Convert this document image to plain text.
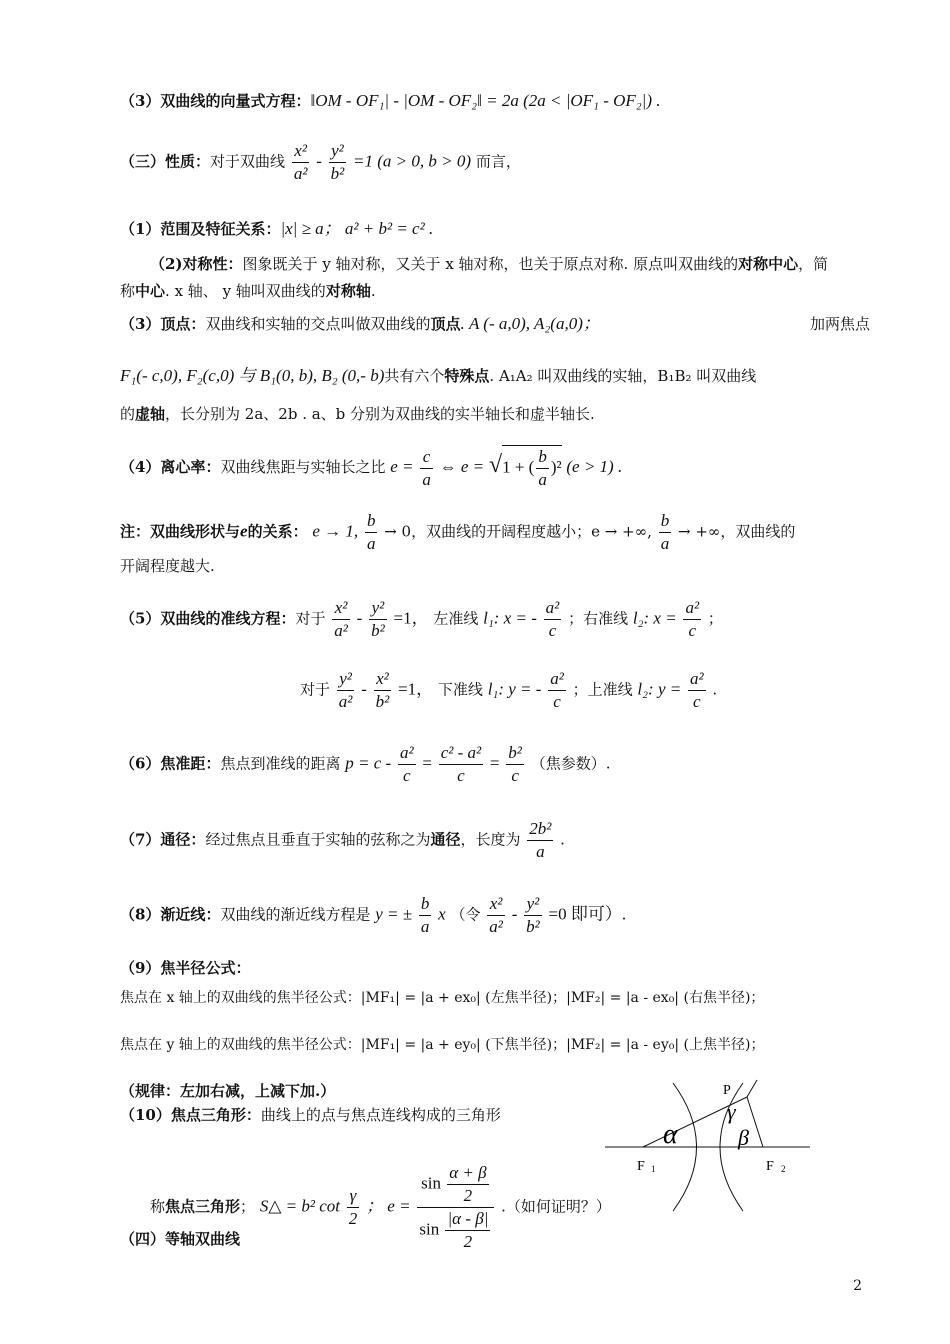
（3）双曲线的向量式方程：‖OM - OF₁| - |OM - OF₂‖ = 2a (2a < |OF₁ - OF₂|) .
（三）性质：对于双曲线 $\frac{\text{x²}}{\text{a²}} - \frac{\text{y²}}{\text{b²}} =1$ (a > 0, b > 0) 而言，
（1）范围及特征关系：|x| ≥ a； a² + b² = c² .
（2)对称性：图象既关于 y 轴对称，又关于 x 轴对称，也关于原点对称. 原点叫双曲线的对称中心，简
称中心. x 轴、 y 轴叫双曲线的对称轴.
（3）顶点：双曲线和实轴的交点叫做双曲线的顶点. A (- a,0), A₂(a,0)；	加两焦点
F₁(- c,0), F₂(c,0) 与 B₁(0, b), B₂ (0,- b)共有六个特殊点. A₁A₂ 叫双曲线的实轴，B₁B₂ 叫双曲线
的虚轴，长分别为 2a、2b . a、b 分别为双曲线的实半轴长和虚半轴长.
（4）离心率：双曲线焦距与实轴长之比 $e = \frac{c}{a}$ ⇔ e = √1 + ( $\frac{b}{a} )^2$ (e > 1) .
注：双曲线形状与e的关系： e → 1, $\frac{b}{a} \to 0$，双曲线的开阔程度越小；e → +∞, $\frac{b}{a}$ → +∞，双曲线的
开阔程度越大.
（5）双曲线的准线方程：对于 $\frac{\text{x²}}{\text{a²}} - \frac{\text{y²}}{\text{b²}} =1$， 左准线 l₁: x = - $\frac{\text{a²}}{c}$ ；右准线 l₂: $x = \frac{\text{a²}}{c}$ ；
对于 $\frac{\text{y²}}{\text{a²}} - \frac{\text{x²}}{\text{b²}} =1$， 下准线 l₁: y = - $\frac{\text{a²}}{c}$ ；上准线 l₂: $y = \frac{\text{a²}}{c}$ .
（6）焦准距：焦点到准线的距离 $p = c - \frac{\text{a²}}{c} = \frac{\text{c² - a²}}{c} = \frac{\text{b²}}{c}$ （焦参数）.
（7）通径：经过焦点且垂直于实轴的弦称之为通径，长度为 $\frac{\text{2b²}}{a}$ .
（8）渐近线：双曲线的渐近线方程是 y = ± $\frac{b}{a}$ x （令 $\frac{\text{x²}}{\text{a²}} - \frac{\text{y²}}{\text{b²}} =0$ 即可）.
（9）焦半径公式：
焦点在 x 轴上的双曲线的焦半径公式：|MF₁| = |a + ex₀| (左焦半径)；|MF₂| = |a - ex₀| (右焦半径)；
焦点在 y 轴上的双曲线的焦半径公式：|MF₁| = |a + ey₀| (下焦半径)；|MF₂| = |a - ey₀| (上焦半径)；
（规律：左加右减，上减下加.）
（10）焦点三角形：曲线上的点与焦点连线构成的三角形
称焦点三角形； S△ = b² $\cot \frac{\gamma}{2}$ ； $e = \frac{\sin \frac{\alpha + \beta}{2}}{\sin \frac{|\alpha - \beta|}{2}}$ .（如何证明？）
P
γ
α	β
F 1	F 2
（四）等轴双曲线
2
